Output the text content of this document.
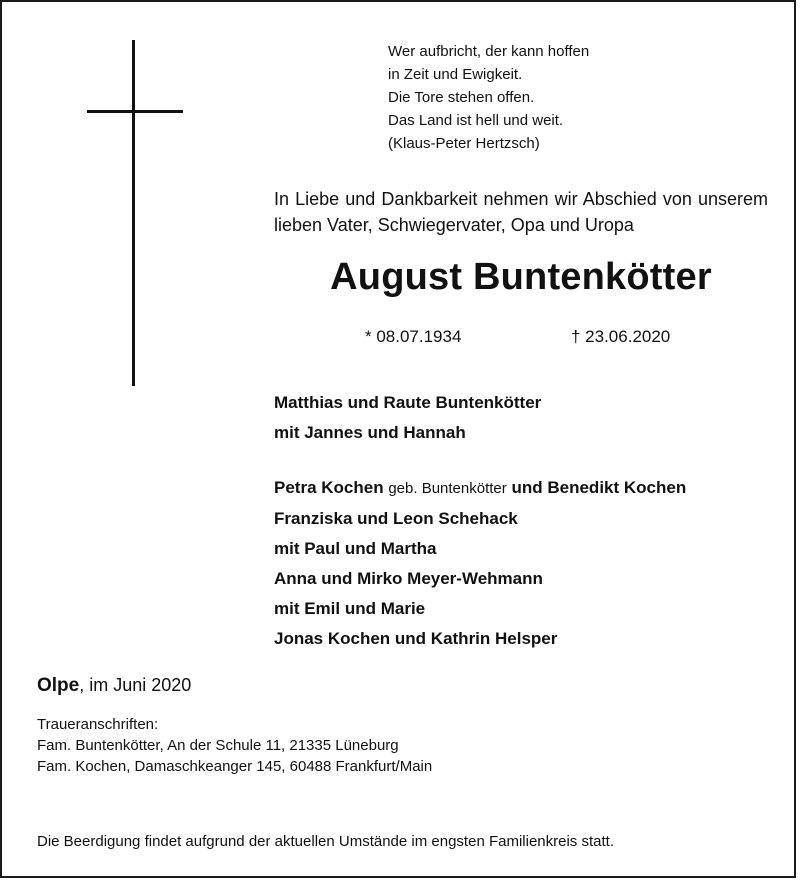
Wer aufbricht, der kann hoffen
in Zeit und Ewigkeit.
Die Tore stehen offen.
Das Land ist hell und weit.
(Klaus-Peter Hertzsch)
In Liebe und Dankbarkeit nehmen wir Abschied von unserem lieben Vater, Schwiegervater, Opa und Uropa
August Buntenkötter
* 08.07.1934	† 23.06.2020
Matthias und Raute Buntenkötter
mit Jannes und Hannah
Petra Kochen geb. Buntenkötter und Benedikt Kochen
Franziska und Leon Schehack
mit Paul und Martha
Anna und Mirko Meyer-Wehmann
mit Emil und Marie
Jonas Kochen und Kathrin Helsper
Olpe, im Juni 2020
Traueranschriften:
Fam. Buntenkötter, An der Schule 11, 21335 Lüneburg
Fam. Kochen, Damaschkeanger 145, 60488 Frankfurt/Main
Die Beerdigung findet aufgrund der aktuellen Umstände im engsten Familienkreis statt.
